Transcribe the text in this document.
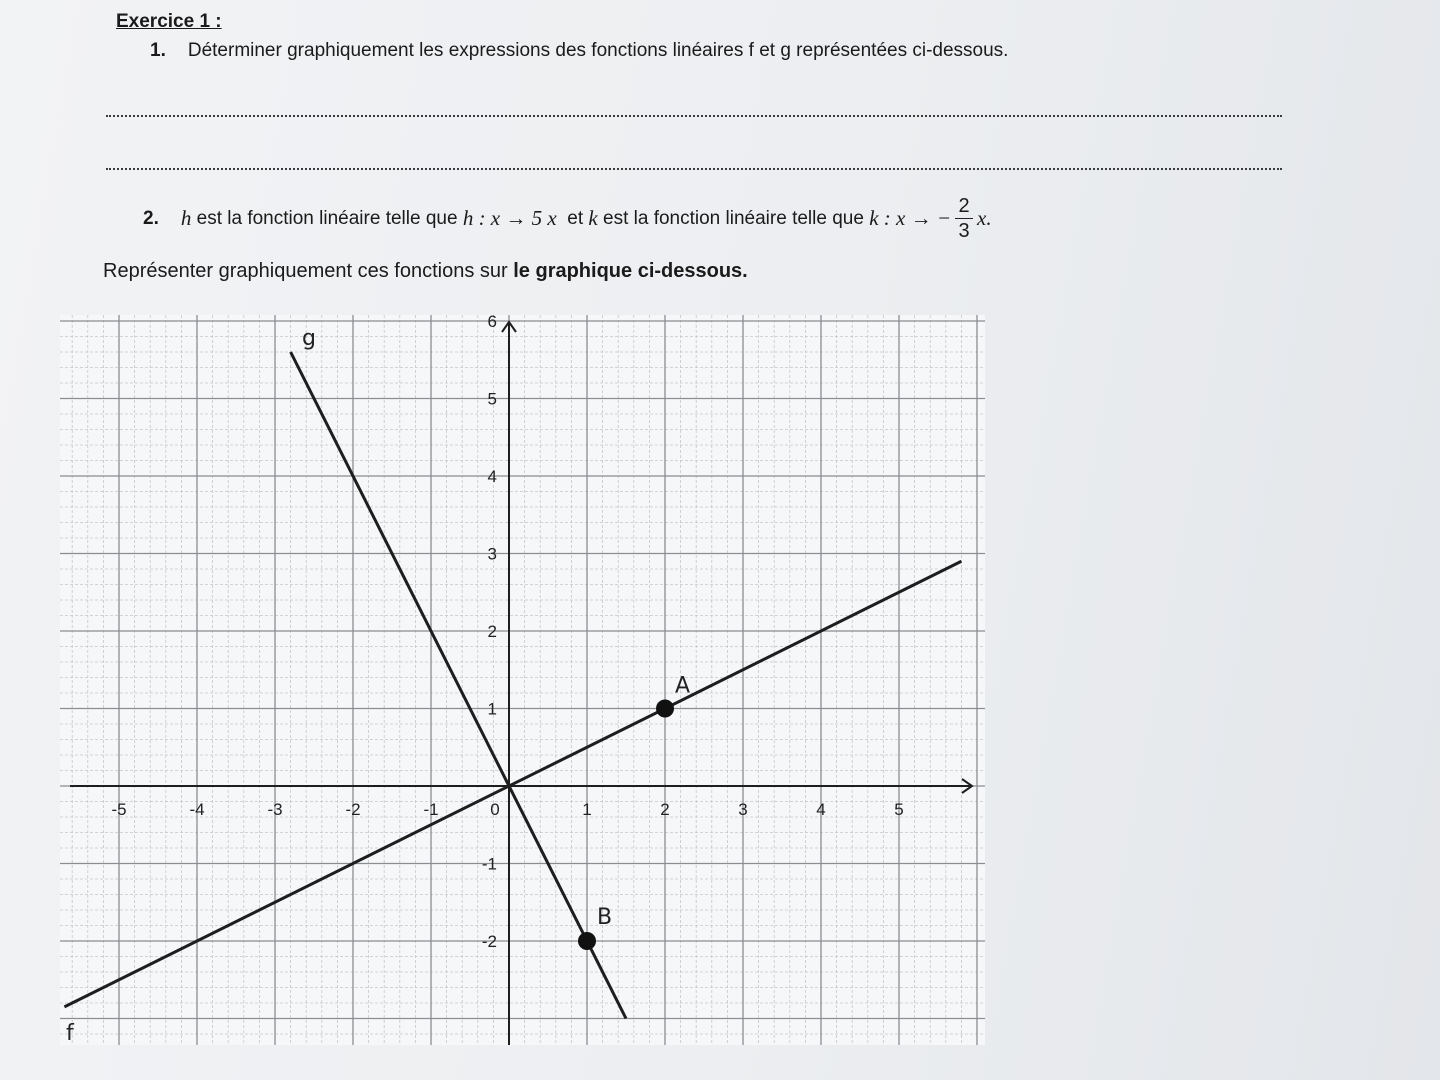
Exercice 1 :
1. Déterminer graphiquement les expressions des fonctions linéaires f et g représentées ci-dessous.
2. h
est la fonction linéaire telle que
h : x → 5 x
et
k
est la fonction linéaire telle que
k : x → − $\frac{2}{3} x$.
Représenter graphiquement ces fonctions sur le graphique ci-dessous.
-5	-4	-3	-2	-1	0	1	2	3	4	5
-2
-1
1
2
3
4
5
6
f
g
A
B
